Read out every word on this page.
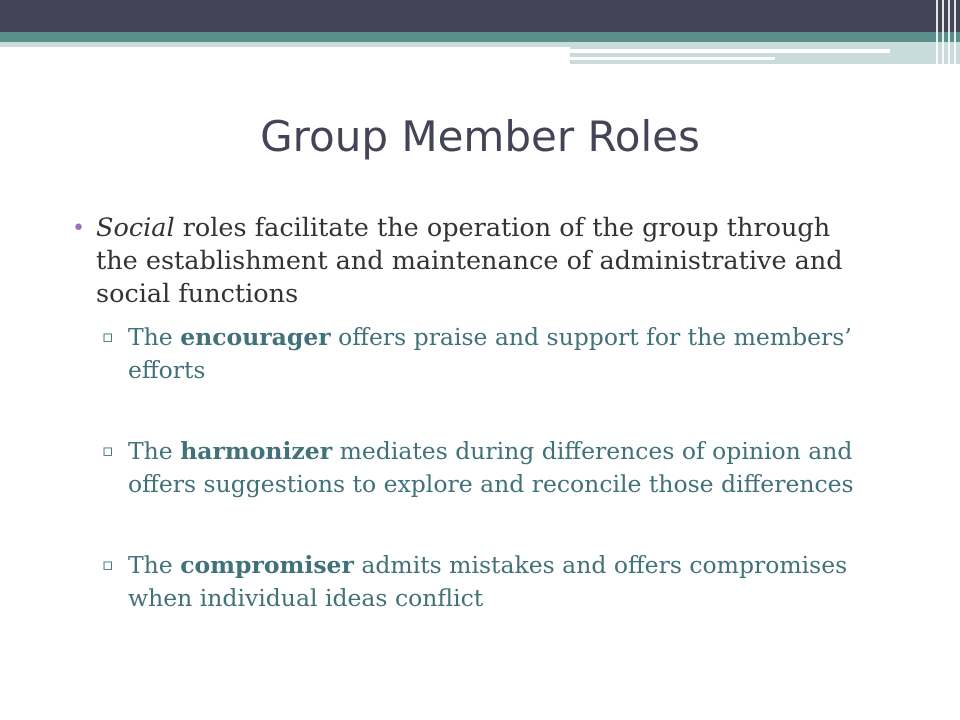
Group Member Roles
• Social roles facilitate the operation of the group through the establishment and maintenance of administrative and social functions
▫ The encourager offers praise and support for the members’ efforts
▫ The harmonizer mediates during differences of opinion and offers suggestions to explore and reconcile those differences
▫ The compromiser admits mistakes and offers compromises when individual ideas conflict
